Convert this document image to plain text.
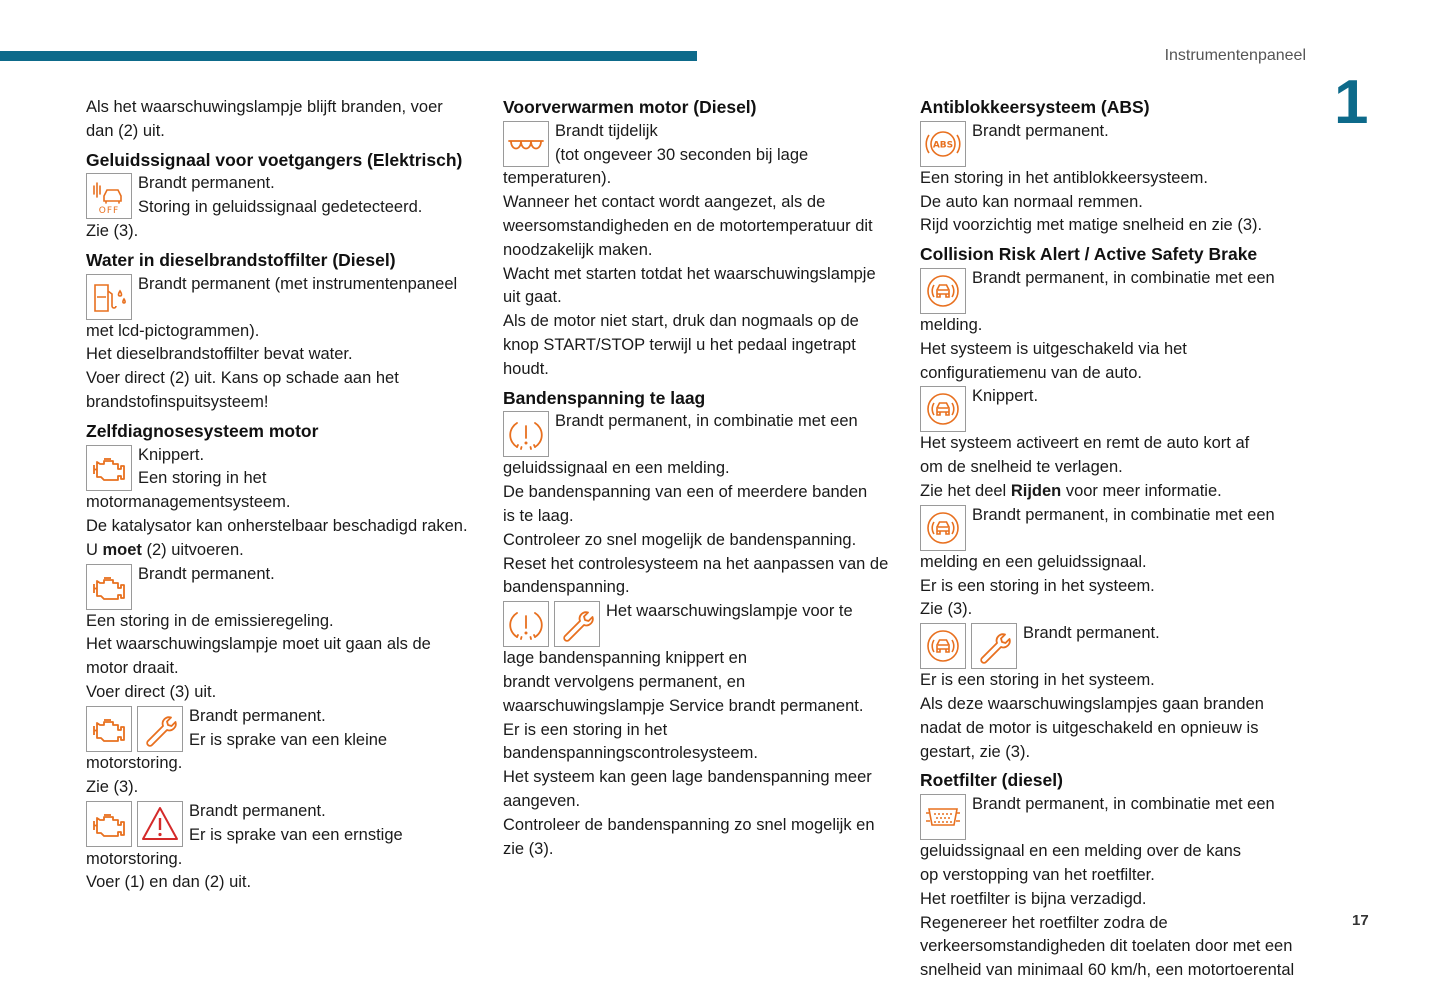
Instrumentenpaneel
1
17

Als het waarschuwingslampje blijft branden, voer

dan (2) uit.

Geluidssignaal voor voetgangers (Elektrisch)
OFF

Brandt permanent.

Storing in geluidssignaal gedetecteerd.

Zie (3).

Water in dieselbrandstoffilter (Diesel)

Brandt permanent (met instrumentenpaneel

met lcd-pictogrammen).

Het dieselbrandstoffilter bevat water.

Voer direct (2) uit. Kans op schade aan het

brandstofinspuitsysteem!

Zelfdiagnosesysteem motor

Knippert.

Een storing in het

motormanagementsysteem.

De katalysator kan onherstelbaar beschadigd raken.

U moet (2) uitvoeren.

Brandt permanent.

Een storing in de emissieregeling.

Het waarschuwingslampje moet uit gaan als de

motor draait.

Voer direct (3) uit.

Brandt permanent.

Er is sprake van een kleine

motorstoring.

Zie (3).

Brandt permanent.

Er is sprake van een ernstige

motorstoring.

Voer (1) en dan (2) uit.

Voorverwarmen motor (Diesel)

Brandt tijdelijk

(tot ongeveer 30 seconden bij lage

temperaturen).

Wanneer het contact wordt aangezet, als de

weersomstandigheden en de motortemperatuur dit

noodzakelijk maken.

Wacht met starten totdat het waarschuwingslampje

uit gaat.

Als de motor niet start, druk dan nogmaals op de

knop START/STOP terwijl u het pedaal ingetrapt

houdt.

Bandenspanning te laag

Brandt permanent, in combinatie met een

geluidssignaal en een melding.

De bandenspanning van een of meerdere banden

is te laag.

Controleer zo snel mogelijk de bandenspanning.

Reset het controlesysteem na het aanpassen van de

bandenspanning.

Het waarschuwingslampje voor te

lage bandenspanning knippert en

brandt vervolgens permanent, en

waarschuwingslampje Service brandt permanent.

Er is een storing in het

bandenspanningscontrolesysteem.

Het systeem kan geen lage bandenspanning meer

aangeven.

Controleer de bandenspanning zo snel mogelijk en

zie (3).

Antiblokkeersysteem (ABS)
ABS

Brandt permanent.

Een storing in het antiblokkeersysteem.

De auto kan normaal remmen.

Rijd voorzichtig met matige snelheid en zie (3).

Collision Risk Alert / Active Safety Brake

Brandt permanent, in combinatie met een

melding.

Het systeem is uitgeschakeld via het

configuratiemenu van de auto.

Knippert.

Het systeem activeert en remt de auto kort af

om de snelheid te verlagen.

Zie het deel Rijden voor meer informatie.

Brandt permanent, in combinatie met een

melding en een geluidssignaal.

Er is een storing in het systeem.

Zie (3).

Brandt permanent.

Er is een storing in het systeem.

Als deze waarschuwingslampjes gaan branden

nadat de motor is uitgeschakeld en opnieuw is

gestart, zie (3).

Roetfilter (diesel)

Brandt permanent, in combinatie met een

geluidssignaal en een melding over de kans

op verstopping van het roetfilter.

Het roetfilter is bijna verzadigd.

Regenereer het roetfilter zodra de

verkeersomstandigheden dit toelaten door met een

snelheid van minimaal 60 km/h, een motortoerental
